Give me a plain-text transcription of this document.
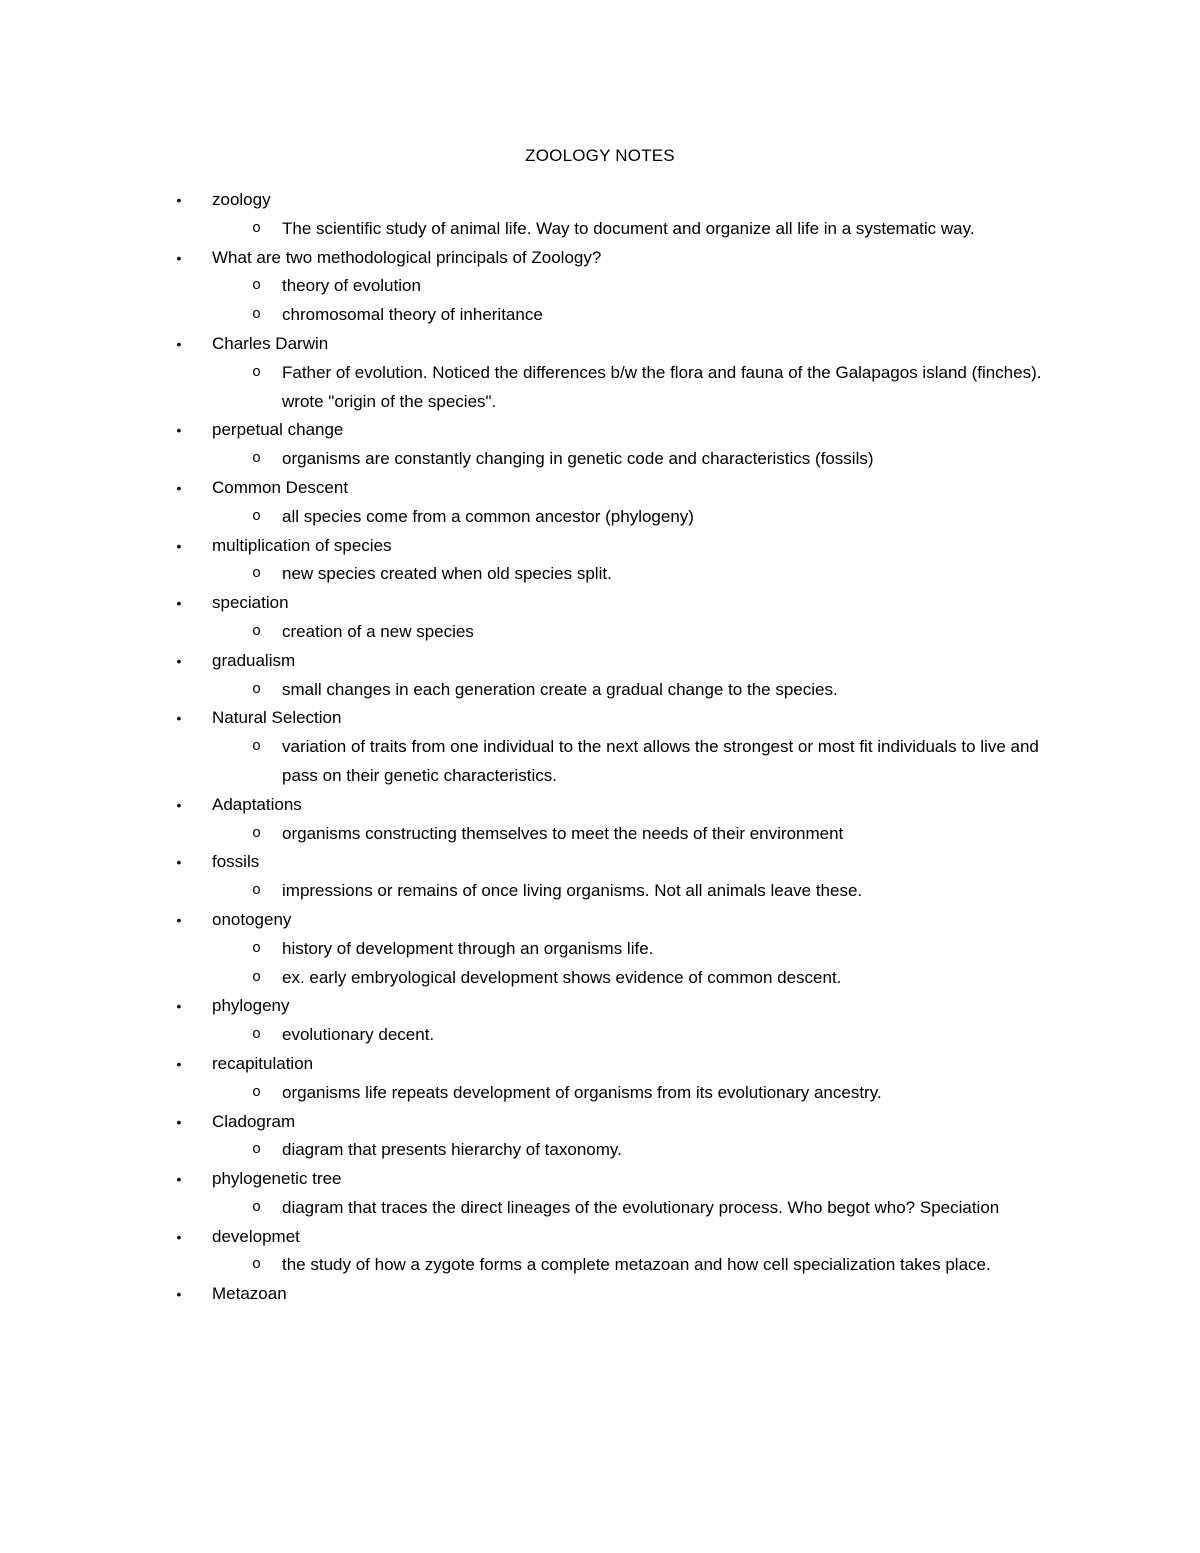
ZOOLOGY NOTES
• zoology
o The scientific study of animal life. Way to document and organize all life in a systematic way.
• What are two methodological principals of Zoology?
o theory of evolution
o chromosomal theory of inheritance
• Charles Darwin
o Father of evolution. Noticed the differences b/w the flora and fauna of the Galapagos island (finches). wrote "origin of the species".
• perpetual change
o organisms are constantly changing in genetic code and characteristics (fossils)
• Common Descent
o all species come from a common ancestor (phylogeny)
• multiplication of species
o new species created when old species split.
• speciation
o creation of a new species
• gradualism
o small changes in each generation create a gradual change to the species.
• Natural Selection
o variation of traits from one individual to the next allows the strongest or most fit individuals to live and pass on their genetic characteristics.
• Adaptations
o organisms constructing themselves to meet the needs of their environment
• fossils
o impressions or remains of once living organisms. Not all animals leave these.
• onotogeny
o history of development through an organisms life.
o ex. early embryological development shows evidence of common descent.
• phylogeny
o evolutionary decent.
• recapitulation
o organisms life repeats development of organisms from its evolutionary ancestry.
• Cladogram
o diagram that presents hierarchy of taxonomy.
• phylogenetic tree
o diagram that traces the direct lineages of the evolutionary process. Who begot who? Speciation
• developmet
o the study of how a zygote forms a complete metazoan and how cell specialization takes place.
• Metazoan
